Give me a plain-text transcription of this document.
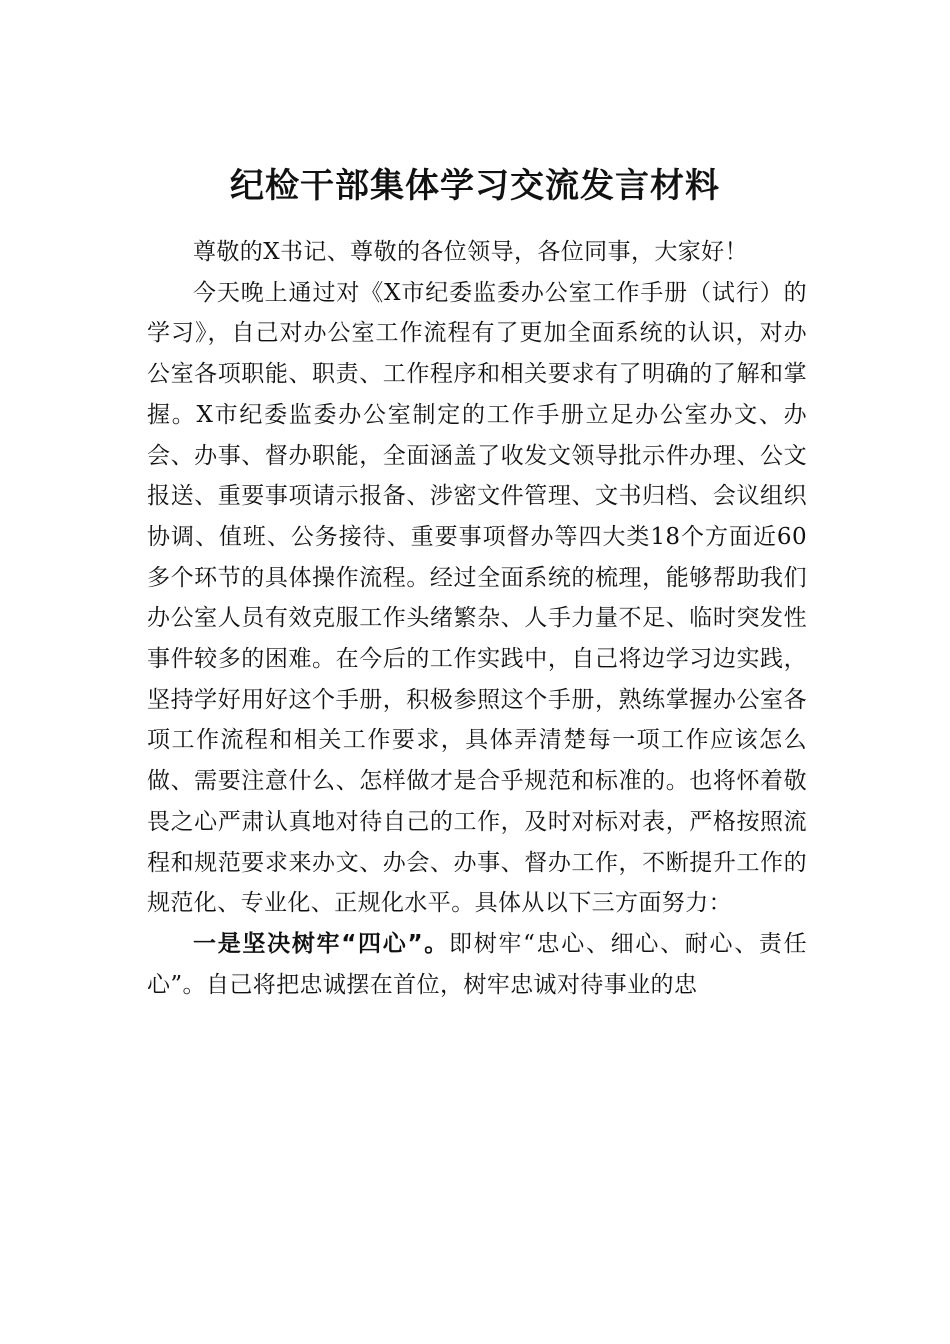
纪检干部集体学习交流发言材料

尊敬的X书记、尊敬的各位领导，各位同事，大家好！

今天晚上通过对《X市纪委监委办公室工作手册（试行）的学习》，自己对办公室工作流程有了更加全面系统的认识，对办公室各项职能、职责、工作程序和相关要求有了明确的了解和掌握。X市纪委监委办公室制定的工作手册立足办公室办文、办会、办事、督办职能，全面涵盖了收发文领导批示件办理、公文报送、重要事项请示报备、涉密文件管理、文书归档、会议组织协调、值班、公务接待、重要事项督办等四大类18个方面近60多个环节的具体操作流程。经过全面系统的梳理，能够帮助我们办公室人员有效克服工作头绪繁杂、人手力量不足、临时突发性事件较多的困难。在今后的工作实践中，自己将边学习边实践，坚持学好用好这个手册，积极参照这个手册，熟练掌握办公室各项工作流程和相关工作要求，具体弄清楚每一项工作应该怎么做、需要注意什么、怎样做才是合乎规范和标准的。也将怀着敬畏之心严肃认真地对待自己的工作，及时对标对表，严格按照流程和规范要求来办文、办会、办事、督办工作，不断提升工作的规范化、专业化、正规化水平。具体从以下三方面努力：

一是坚决树牢“四心”。即树牢“忠心、细心、耐心、责任心”。自己将把忠诚摆在首位，树牢忠诚对待事业的忠
